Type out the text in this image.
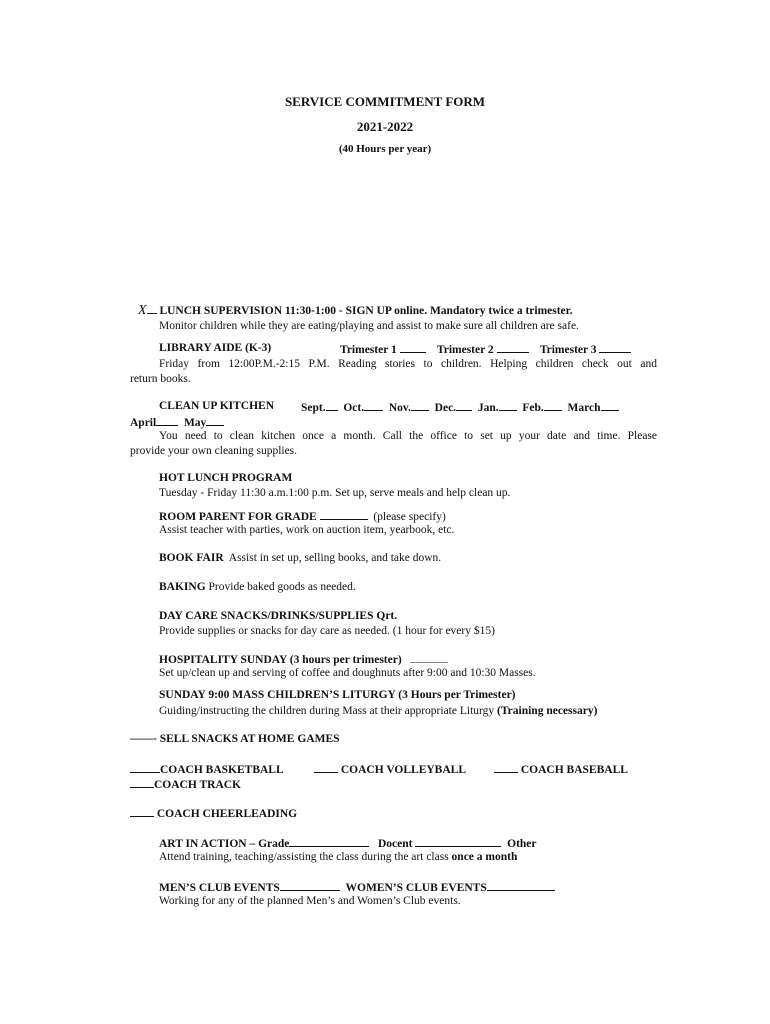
SERVICE COMMITMENT FORM
2021-2022
(40 Hours per year)
X LUNCH SUPERVISION 11:30-1:00 - SIGN UP online. Mandatory twice a trimester.
Monitor children while they are eating/playing and assist to make sure all children are safe.
LIBRARY AIDE (K-3)	Trimester 1	Trimester 2	Trimester 3
Friday from 12:00P.M.-2:15 P.M. Reading stories to children. Helping children check out and
return books.
CLEAN UP KITCHEN Sept. Oct. Nov. Dec. Jan. Feb. March
April May
You need to clean kitchen once a month. Call the office to set up your date and time. Please
provide your own cleaning supplies.
HOT LUNCH PROGRAM
Tuesday - Friday 11:30 a.m.1:00 p.m. Set up, serve meals and help clean up.
ROOM PARENT FOR GRADE	(please specify)
Assist teacher with parties, work on auction item, yearbook, etc.
BOOK FAIR Assist in set up, selling books, and take down.
BAKING Provide baked goods as needed.
DAY CARE SNACKS/DRINKS/SUPPLIES Qrt.
Provide supplies or snacks for day care as needed. (1 hour for every $15)
HOSPITALITY SUNDAY (3 hours per trimester)
Set up/clean up and serving of coffee and doughnuts after 9:00 and 10:30 Masses.
SUNDAY 9:00 MASS CHILDREN’S LITURGY (3 Hours per Trimester)
Guiding/instructing the children during Mass at their appropriate Liturgy (Training necessary)
——- SELL SNACKS AT HOME GAMES
COACH BASKETBALL	COACH VOLLEYBALL	COACH BASEBALL
COACH TRACK
COACH CHEERLEADING
ART IN ACTION – Grade	Docent	Other
Attend training, teaching/assisting the class during the art class once a month
MEN’S CLUB EVENTS	WOMEN’S CLUB EVENTS
Working for any of the planned Men’s and Women’s Club events.
